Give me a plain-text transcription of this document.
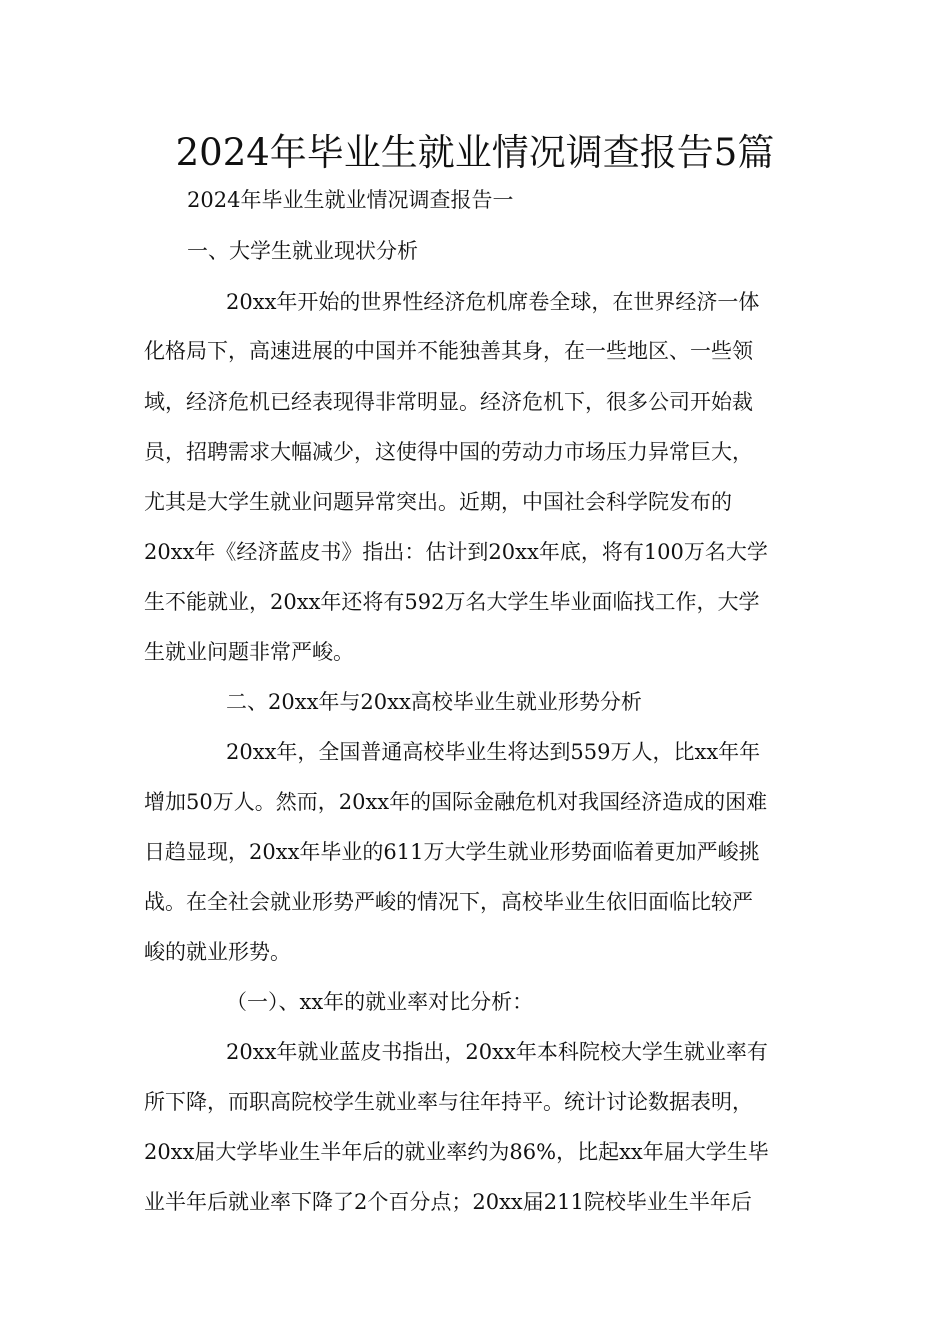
2024年毕业生就业情况调查报告5篇

2024年毕业生就业情况调查报告一

一、大学生就业现状分析

20xx年开始的世界性经济危机席卷全球，在世界经济一体

化格局下，高速进展的中国并不能独善其身，在一些地区、一些领

域，经济危机已经表现得非常明显。经济危机下，很多公司开始裁

员，招聘需求大幅减少，这使得中国的劳动力市场压力异常巨大，

尤其是大学生就业问题异常突出。近期，中国社会科学院发布的

20xx年《经济蓝皮书》指出：估计到20xx年底，将有100万名大学

生不能就业，20xx年还将有592万名大学生毕业面临找工作，大学

生就业问题非常严峻。

二、20xx年与20xx高校毕业生就业形势分析

20xx年，全国普通高校毕业生将达到559万人，比xx年年

增加50万人。然而，20xx年的国际金融危机对我国经济造成的困难

日趋显现，20xx年毕业的611万大学生就业形势面临着更加严峻挑

战。在全社会就业形势严峻的情况下，高校毕业生依旧面临比较严

峻的就业形势。

（一）、xx年的就业率对比分析：

20xx年就业蓝皮书指出，20xx年本科院校大学生就业率有

所下降，而职高院校学生就业率与往年持平。统计讨论数据表明，

20xx届大学毕业生半年后的就业率约为86%，比起xx年届大学生毕

业半年后就业率下降了2个百分点；20xx届211院校毕业生半年后
